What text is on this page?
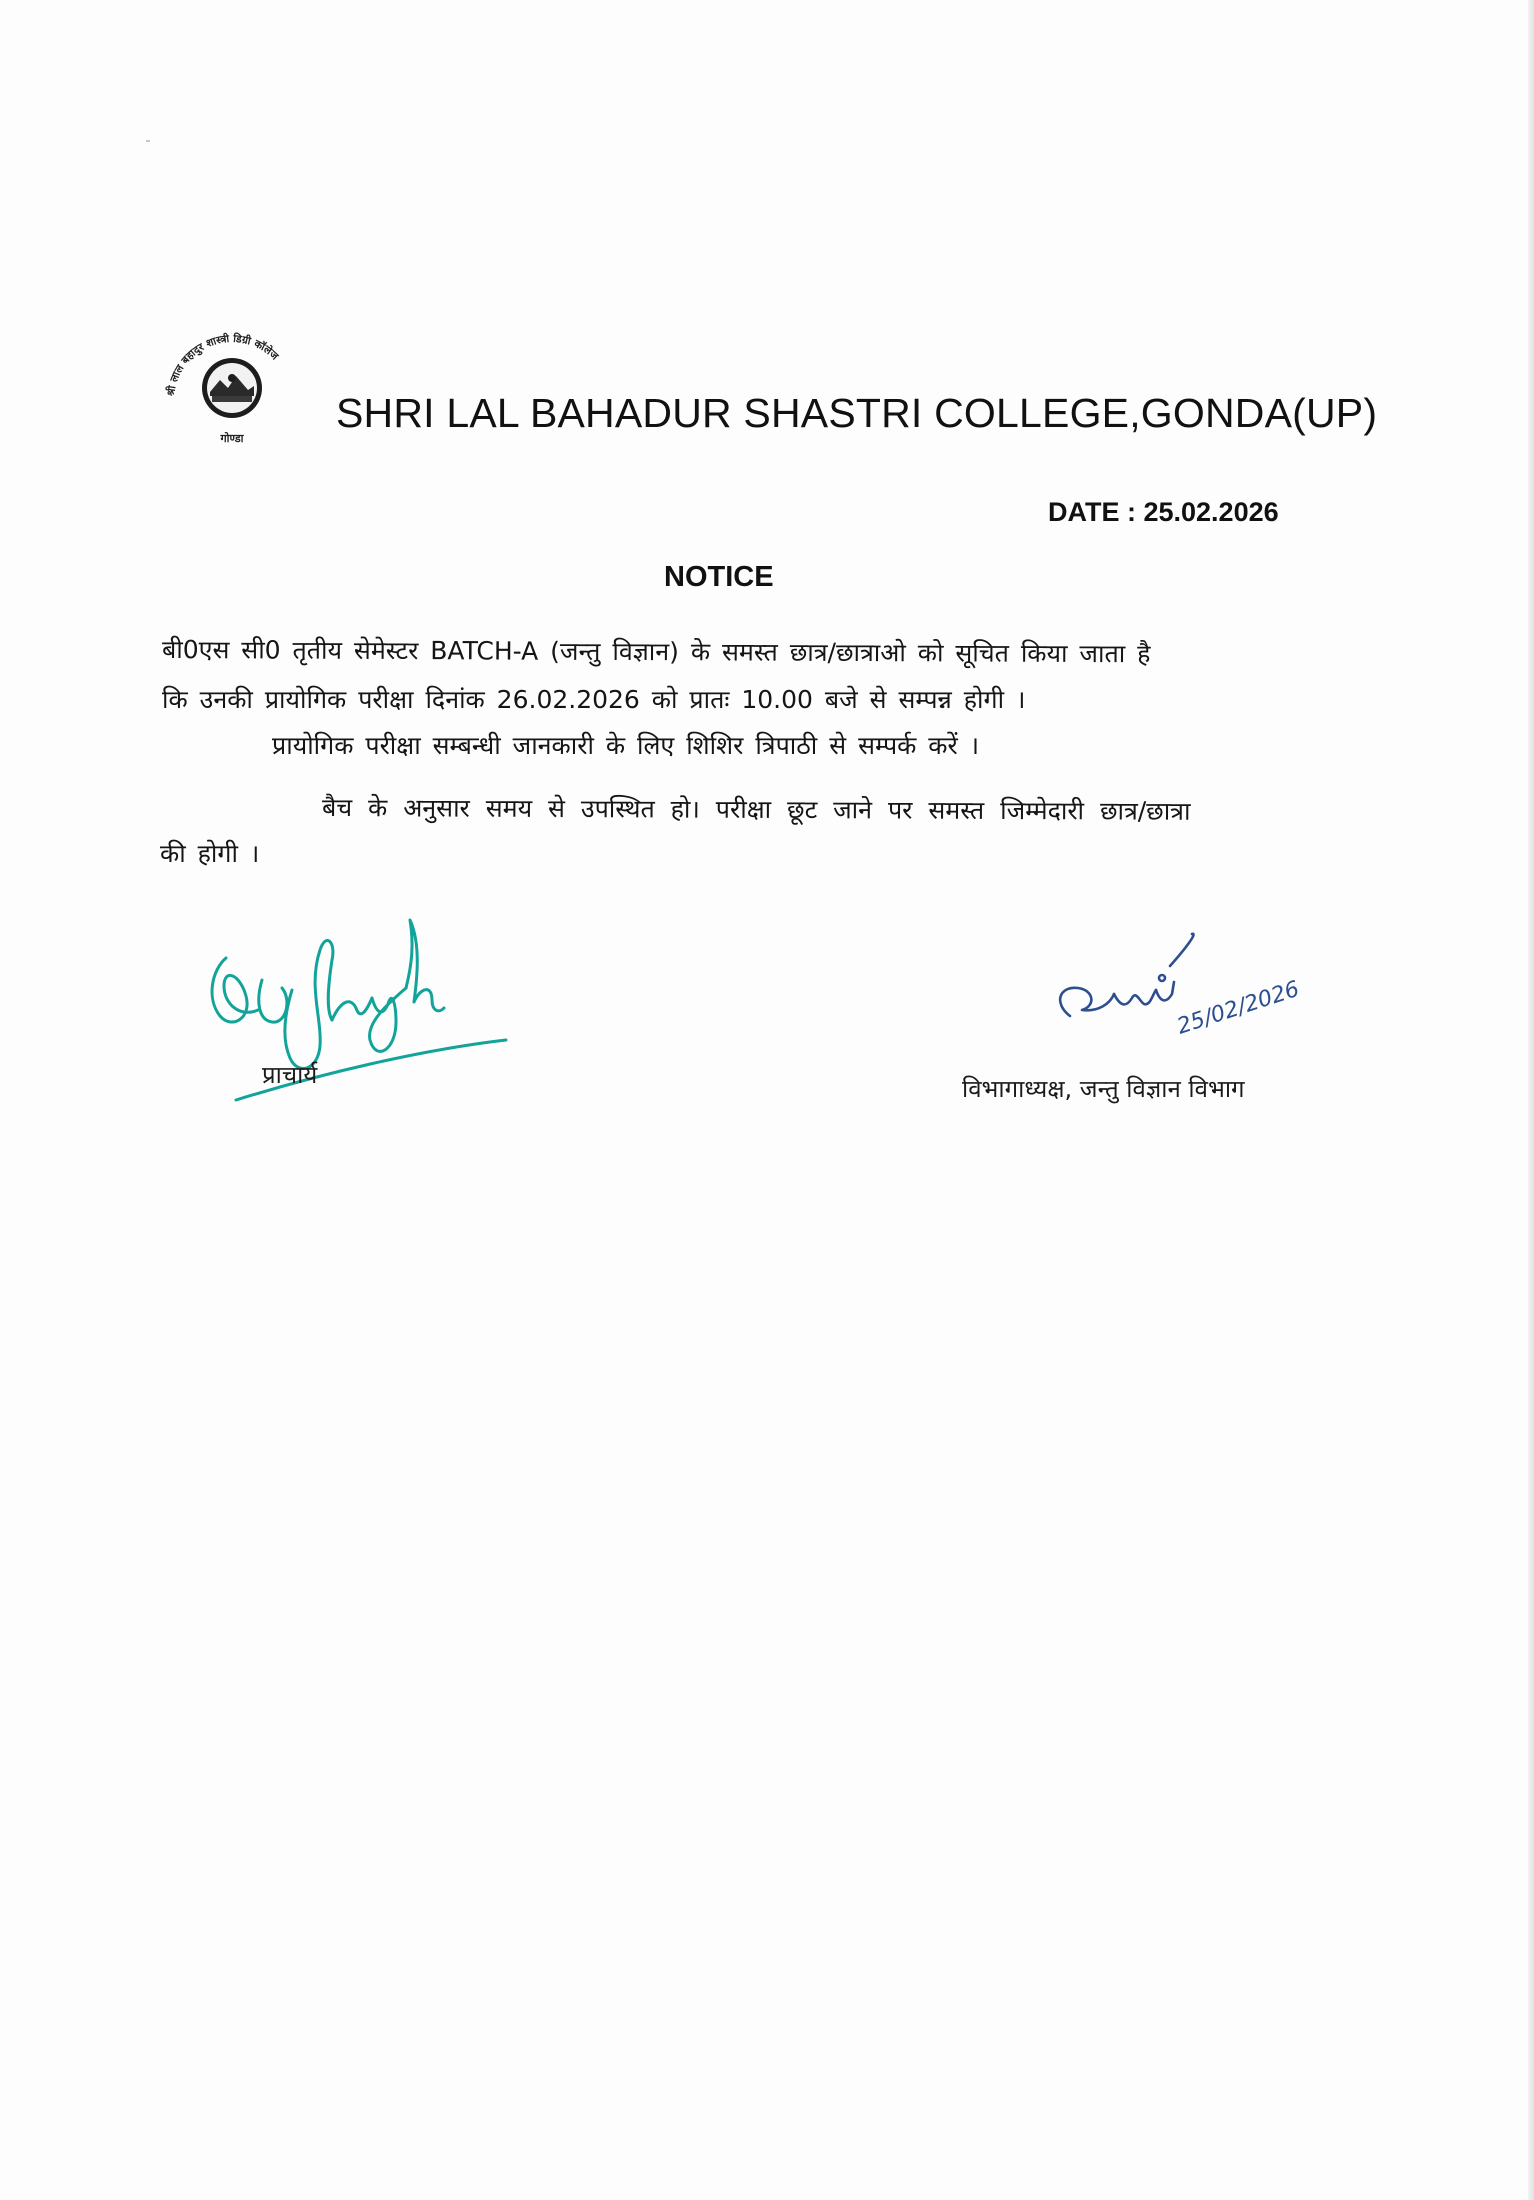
श्री लाल बहादुर शास्त्री डिग्री कॉलेज
गोण्डा
SHRI LAL BAHADUR SHASTRI COLLEGE,GONDA(UP)
DATE : 25.02.2026
NOTICE
बी0एस सी0 तृतीय सेमेस्टर BATCH-A (जन्तु विज्ञान) के समस्त छात्र/छात्राओ को सूचित किया जाता है
कि उनकी प्रायोगिक परीक्षा दिनांक 26.02.2026 को प्रातः 10.00 बजे से सम्पन्न होगी ।
प्रायोगिक परीक्षा सम्बन्धी जानकारी के लिए शिशिर त्रिपाठी से सम्पर्क करें ।
बैच के अनुसार समय से उपस्थित हो। परीक्षा छूट जाने पर समस्त जिम्मेदारी छात्र/छात्रा
की होगी ।
प्राचार्य
25/02/2026
विभागाध्यक्ष, जन्तु विज्ञान विभाग
